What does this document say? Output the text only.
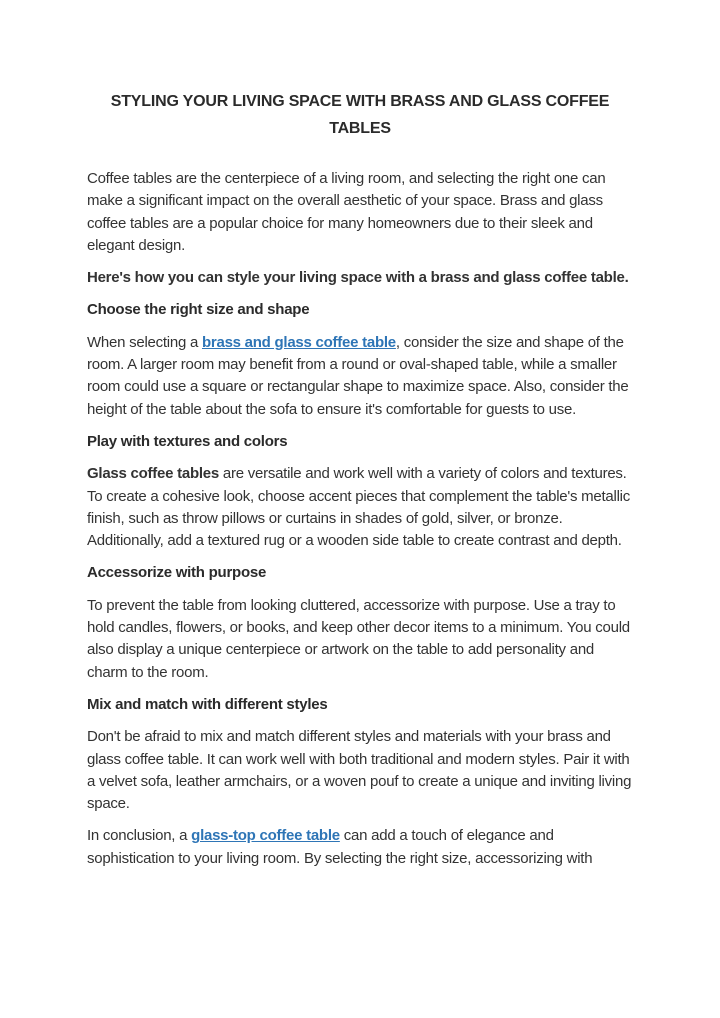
STYLING YOUR LIVING SPACE WITH BRASS AND GLASS COFFEE TABLES

Coffee tables are the centerpiece of a living room, and selecting the right one can make a significant impact on the overall aesthetic of your space. Brass and glass coffee tables are a popular choice for many homeowners due to their sleek and elegant design.

Here's how you can style your living space with a brass and glass coffee table.

Choose the right size and shape

When selecting a brass and glass coffee table, consider the size and shape of the room. A larger room may benefit from a round or oval-shaped table, while a smaller room could use a square or rectangular shape to maximize space. Also, consider the height of the table about the sofa to ensure it's comfortable for guests to use.

Play with textures and colors

Glass coffee tables are versatile and work well with a variety of colors and textures. To create a cohesive look, choose accent pieces that complement the table's metallic finish, such as throw pillows or curtains in shades of gold, silver, or bronze. Additionally, add a textured rug or a wooden side table to create contrast and depth.

Accessorize with purpose

To prevent the table from looking cluttered, accessorize with purpose. Use a tray to hold candles, flowers, or books, and keep other decor items to a minimum. You could also display a unique centerpiece or artwork on the table to add personality and charm to the room.

Mix and match with different styles

Don't be afraid to mix and match different styles and materials with your brass and glass coffee table. It can work well with both traditional and modern styles. Pair it with a velvet sofa, leather armchairs, or a woven pouf to create a unique and inviting living space.

In conclusion, a glass-top coffee table can add a touch of elegance and sophistication to your living room. By selecting the right size, accessorizing with
